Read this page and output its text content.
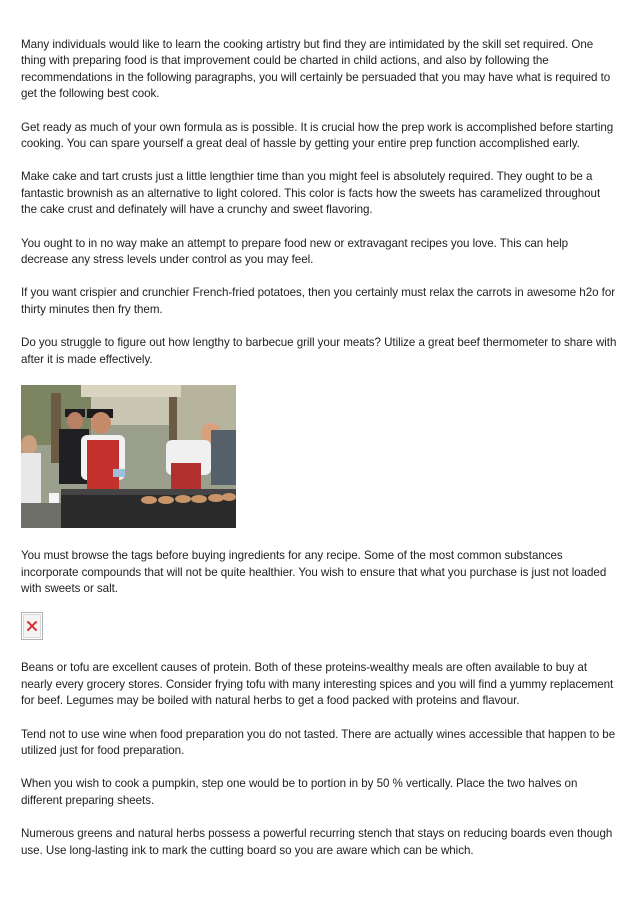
Many individuals would like to learn the cooking artistry but find they are intimidated by the skill set required. One thing with preparing food is that improvement could be charted in child actions, and also by following the recommendations in the following paragraphs, you will certainly be persuaded that you may have what is required to get the following best cook.

Get ready as much of your own formula as is possible. It is crucial how the prep work is accomplished before starting cooking. You can spare yourself a great deal of hassle by getting your entire prep function accomplished early.

Make cake and tart crusts just a little lengthier time than you might feel is absolutely required. They ought to be a fantastic brownish as an alternative to light colored. This color is facts how the sweets has caramelized throughout the cake crust and definately will have a crunchy and sweet flavoring.

You ought to in no way make an attempt to prepare food new or extravagant recipes you love. This can help decrease any stress levels under control as you may feel.

If you want crispier and crunchier French-fried potatoes, then you certainly must relax the carrots in awesome h2o for thirty minutes then fry them.

Do you struggle to figure out how lengthy to barbecue grill your meats? Utilize a great beef thermometer to share with after it is made effectively.

You must browse the tags before buying ingredients for any recipe. Some of the most common substances incorporate compounds that will not be quite healthier. You wish to ensure that what you purchase is just not loaded with sweets or salt.

Beans or tofu are excellent causes of protein. Both of these proteins-wealthy meals are often available to buy at nearly every grocery stores. Consider frying tofu with many interesting spices and you will find a yummy replacement for beef. Legumes may be boiled with natural herbs to get a food packed with proteins and flavour.

Tend not to use wine when food preparation you do not tasted. There are actually wines accessible that happen to be utilized just for food preparation.

When you wish to cook a pumpkin, step one would be to portion in by 50 % vertically. Place the two halves on different preparing sheets.

Numerous greens and natural herbs possess a powerful recurring stench that stays on reducing boards even though use. Use long-lasting ink to mark the cutting board so you are aware which can be which.
